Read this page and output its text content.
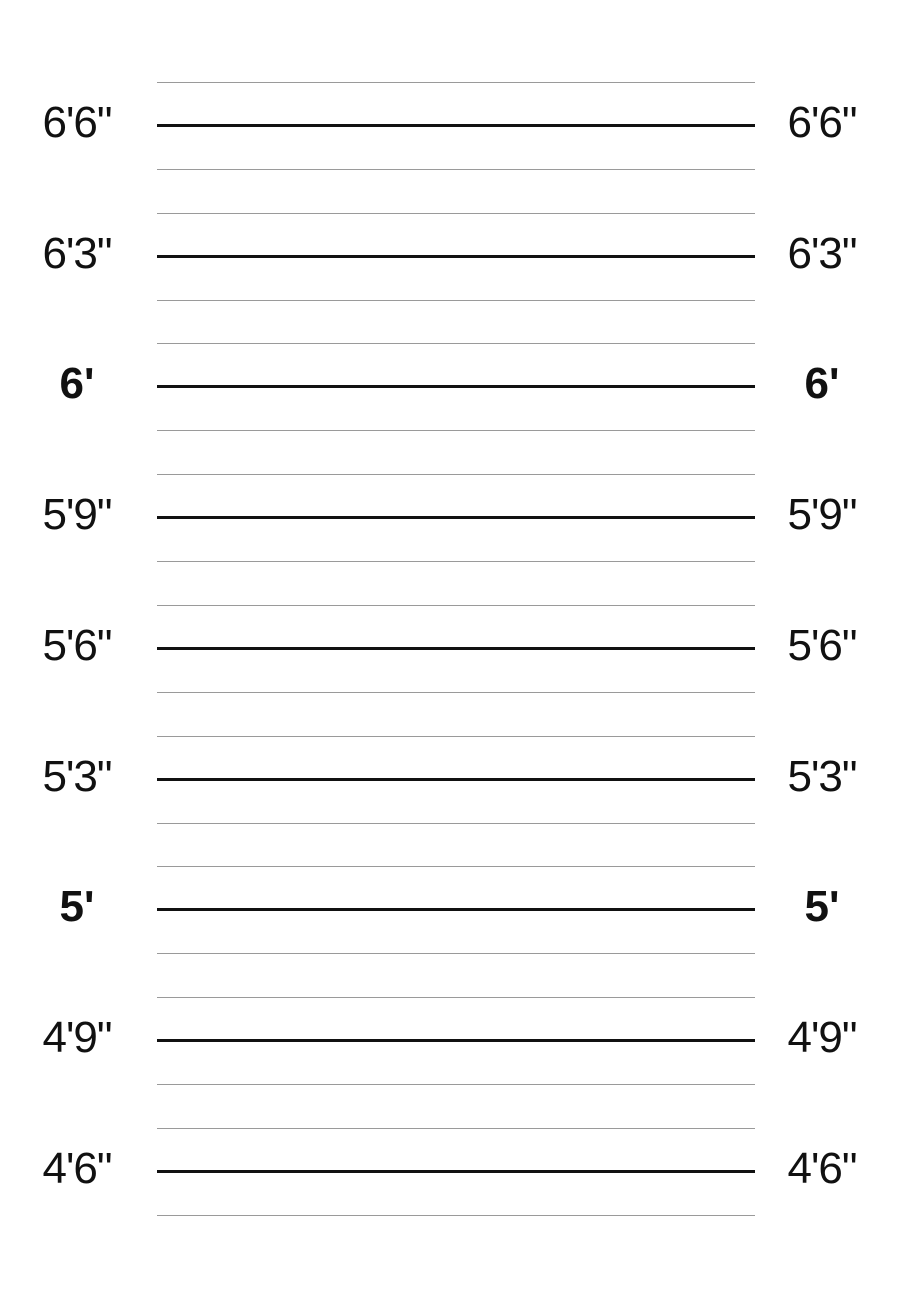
6'6"	6'6"
6'3"	6'3"
6'	6'
5'9"	5'9"
5'6"	5'6"
5'3"	5'3"
5'	5'
4'9"	4'9"
4'6"	4'6"
